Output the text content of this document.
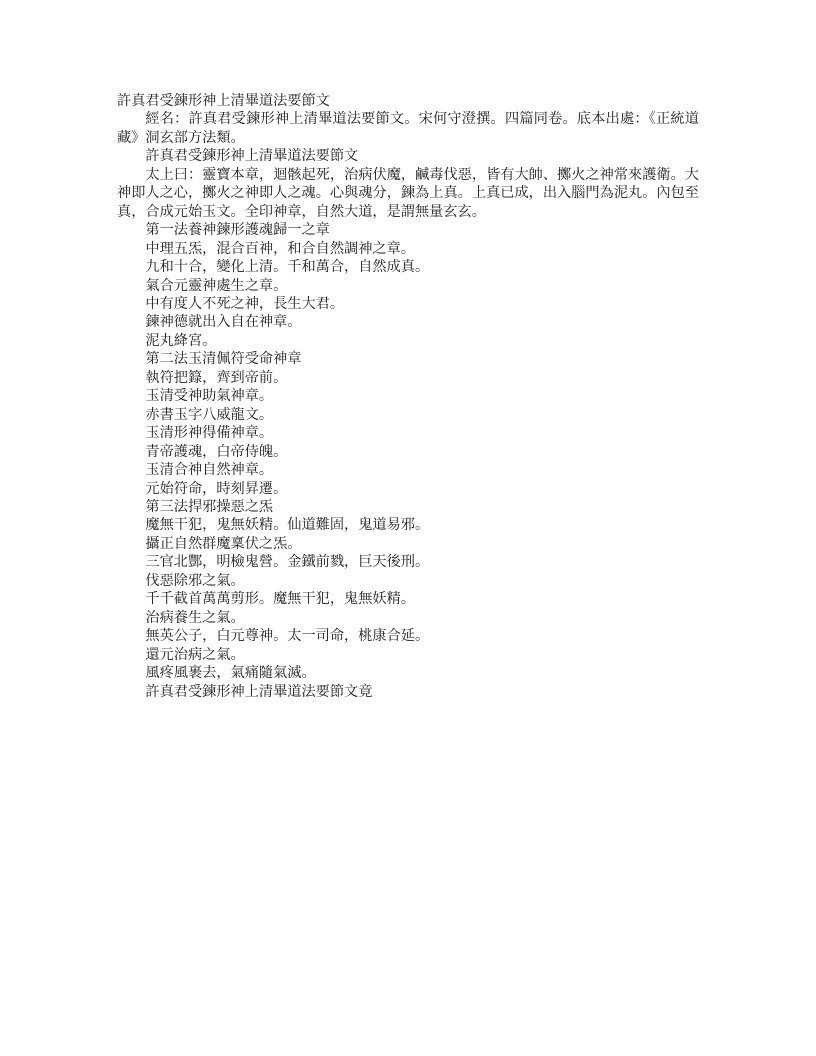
許真君受鍊形神上清畢道法要節文

經名：許真君受鍊形神上清畢道法要節文。宋何守澄撰。四篇同卷。底本出處：《正統道藏》洞玄部方法類。

許真君受鍊形神上清畢道法要節文

太上曰：靈寶本章，迴骸起死，治病伏魔，鹹毒伐惡，皆有大帥、擲火之神常來護衛。大神即人之心，擲火之神即人之魂。心與魂分，鍊為上真。上真已成，出入腦門為泥丸。內包至真，合成元始玉文。全印神章，自然大道，是謂無量玄玄。

第一法養神鍊形護魂歸一之章

中理五炁，混合百神，和合自然調神之章。

九和十合，變化上清。千和萬合，自然成真。

氣合元靈神處生之章。

中有度人不死之神，長生大君。

鍊神德就出入自在神章。

泥丸絳宮。

第二法玉清佩符受命神章

執符把籙，齊到帝前。

玉清受神助氣神章。

赤書玉字八威龍文。

玉清形神得備神章。

青帝護魂，白帝侍魄。

玉清合神自然神章。

元始符命，時刻昇遷。

第三法捍邪操惡之炁

魔無干犯，鬼無妖精。仙道難固，鬼道易邪。

攝正自然群魔稟伏之炁。

三官北酆，明檢鬼營。金鐵前戮，巨天後刑。

伐惡除邪之氣。

千千截首萬萬剪形。魔無干犯，鬼無妖精。

治病養生之氣。

無英公子，白元尊神。太一司命，桃康合延。

還元治病之氣。

風疼風裹去，氣痛隨氣滅。

許真君受鍊形神上清畢道法要節文竟
